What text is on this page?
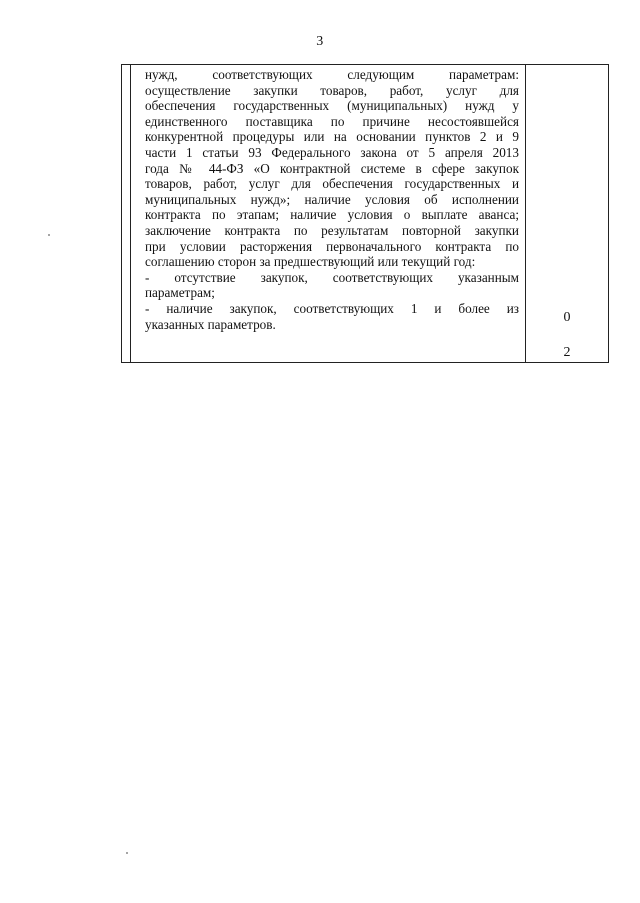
3
нужд, соответствующих следующим параметрам:
осуществление закупки товаров, работ, услуг для
обеспечения государственных (муниципальных) нужд у
единственного поставщика по причине несостоявшейся
конкурентной процедуры или на основании пунктов 2 и 9
части 1 статьи 93 Федерального закона от 5 апреля 2013
года № 44-ФЗ «О контрактной системе в сфере закупок
товаров, работ, услуг для обеспечения государственных и
муниципальных нужд»; наличие условия об исполнении
контракта по этапам; наличие условия о выплате аванса;
заключение контракта по результатам повторной закупки
при условии расторжения первоначального контракта по
соглашению сторон за предшествующий или текущий год:
- отсутствие закупок, соответствующих указанным
параметрам;
- наличие закупок, соответствующих 1 и более из
указанных параметров.	0
2
